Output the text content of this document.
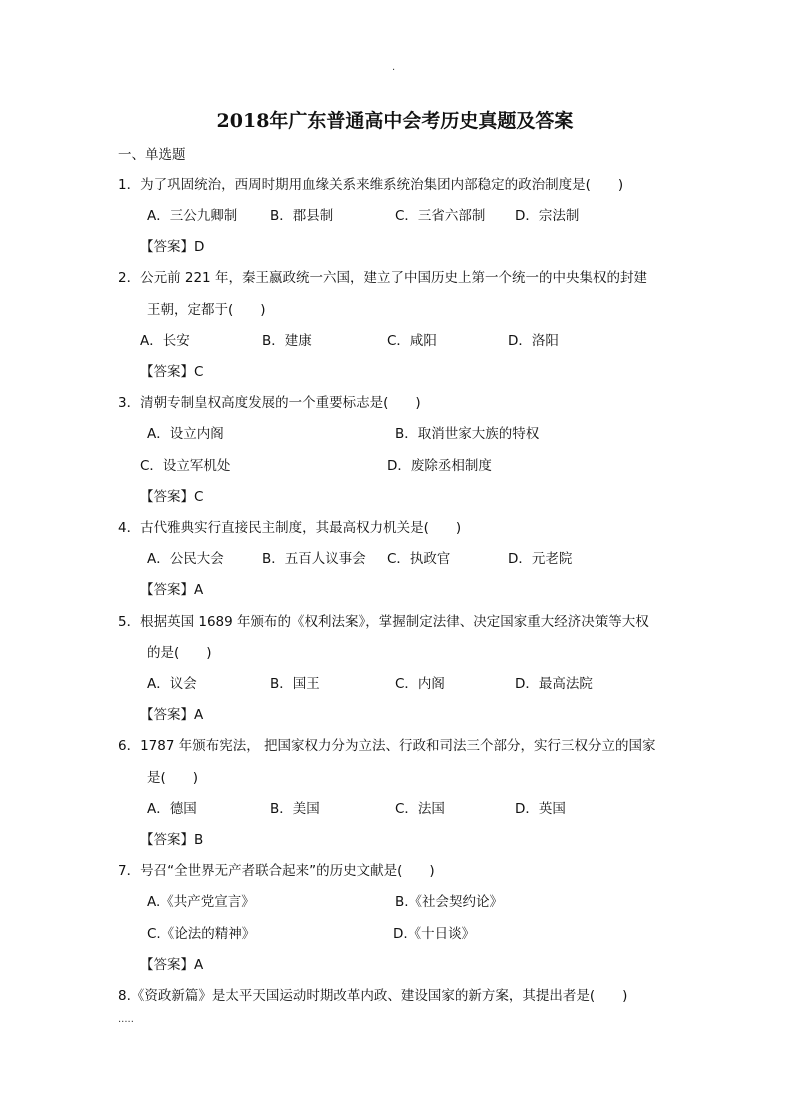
.
2018年广东普通高中会考历史真题及答案
一、单选题
1．为了巩固统治，西周时期用血缘关系来维系统治集团内部稳定的政治制度是(　　)
A．三公九卿制 B．郡县制	C．三省六部制 D．宗法制
【答案】D
2．公元前 221 年，秦王嬴政统一六国，建立了中国历史上第一个统一的中央集权的封建
王朝，定都于(　　)
A．长安	B．建康	C．咸阳	D．洛阳
【答案】C
3．清朝专制皇权高度发展的一个重要标志是(　　)
A．设立内阁	B．取消世家大族的特权
C．设立军机处	D．废除丞相制度
【答案】C
4．古代雅典实行直接民主制度，其最高权力机关是(　　)
A．公民大会	B．五百人议事会 C．执政官	D．元老院
【答案】A
5．根据英国 1689 年颁布的《权利法案》，掌握制定法律、决定国家重大经济决策等大权
的是(　　)
A．议会	B．国王	C．内阁	D．最高法院
【答案】A
6．1787 年颁布宪法， 把国家权力分为立法、行政和司法三个部分，实行三权分立的国家
是(　　)
A．德国	B．美国	C．法国	D．英国
【答案】B
7．号召“全世界无产者联合起来”的历史文献是(　　)
A.《共产党宣言》	B.《社会契约论》
C.《论法的精神》	D.《十日谈》
【答案】A
8.《资政新篇》是太平天国运动时期改革内政、建设国家的新方案，其提出者是(　　)
.....
